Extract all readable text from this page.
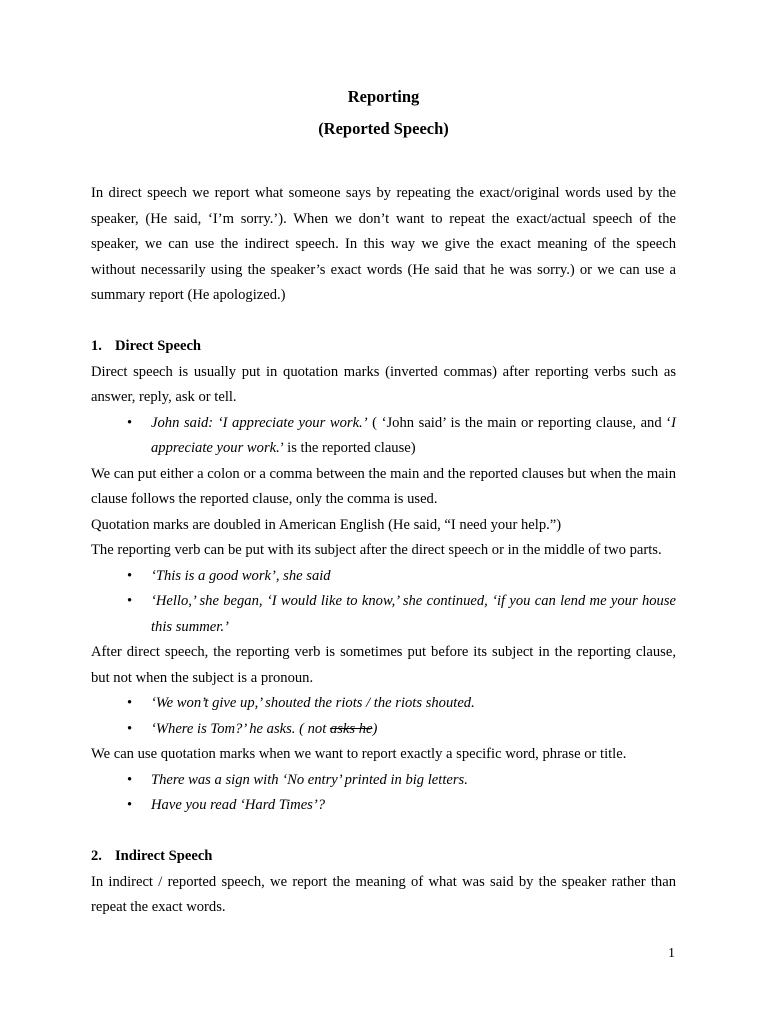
Reporting
(Reported Speech)

In direct speech we report what someone says by repeating the exact/original words used by the speaker, (He said, ‘I’m sorry.’). When we don’t want to repeat the exact/actual speech of the speaker, we can use the indirect speech. In this way we give the exact meaning of the speech without necessarily using the speaker’s exact words (He said that he was sorry.) or we can use a summary report (He apologized.)

1. Direct Speech

Direct speech is usually put in quotation marks (inverted commas) after reporting verbs such as answer, reply, ask or tell.

• John said: ‘I appreciate your work.’ ( ‘John said’ is the main or reporting clause, and ‘I appreciate your work.’ is the reported clause)

We can put either a colon or a comma between the main and the reported clauses but when the main clause follows the reported clause, only the comma is used.

Quotation marks are doubled in American English (He said, “I need your help.”)

The reporting verb can be put with its subject after the direct speech or in the middle of two parts.

• ‘This is a good work’, she said
• ‘Hello,’ she began, ‘I would like to know,’ she continued, ‘if you can lend me your house this summer.’

After direct speech, the reporting verb is sometimes put before its subject in the reporting clause, but not when the subject is a pronoun.

• ‘We won’t give up,’ shouted the riots / the riots shouted.
• ‘Where is Tom?’ he asks. ( not asks he)

We can use quotation marks when we want to report exactly a specific word, phrase or title.

• There was a sign with ‘No entry’ printed in big letters.
• Have you read ‘Hard Times’?
2. Indirect Speech

In indirect / reported speech, we report the meaning of what was said by the speaker rather than repeat the exact words.

1
